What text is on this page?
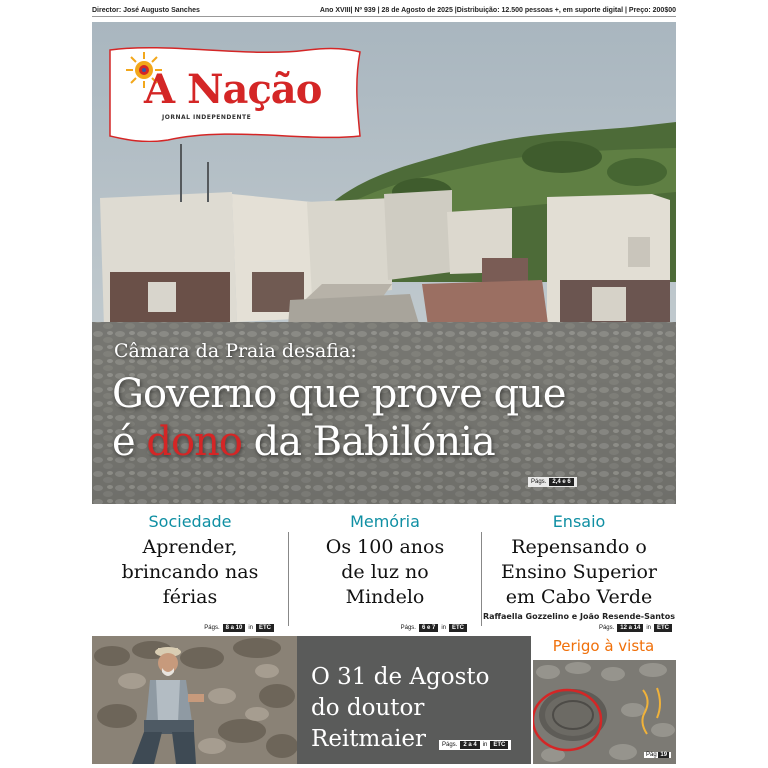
Director: José Augusto Sanches	Ano XVIII| Nº 939 | 28 de Agosto de 2025 |Distribuição: 12.500 pessoas +, em suporte digital | Preço: 200$00
A Nação
JORNAL INDEPENDENTE
Câmara da Praia desafia:
Governo que prove que
é dono da Babilónia
Págs.	2,4 e 6
Sociedade
Aprender, brincando nas férias
Págs.	8 a 10	in	ETC
Memória
Os 100 anos de luz no Mindelo
Págs.	6 e 7	in	ETC
Ensaio
Repensando o Ensino Superior em Cabo Verde
Raffaella Gozzelino e João Resende-Santos
Págs.	12 a 14	in	ETC
O 31 de Agosto do doutor Reitmaier	Págs.	2 a 4	in	ETC
Perigo à vista
Pág 19
